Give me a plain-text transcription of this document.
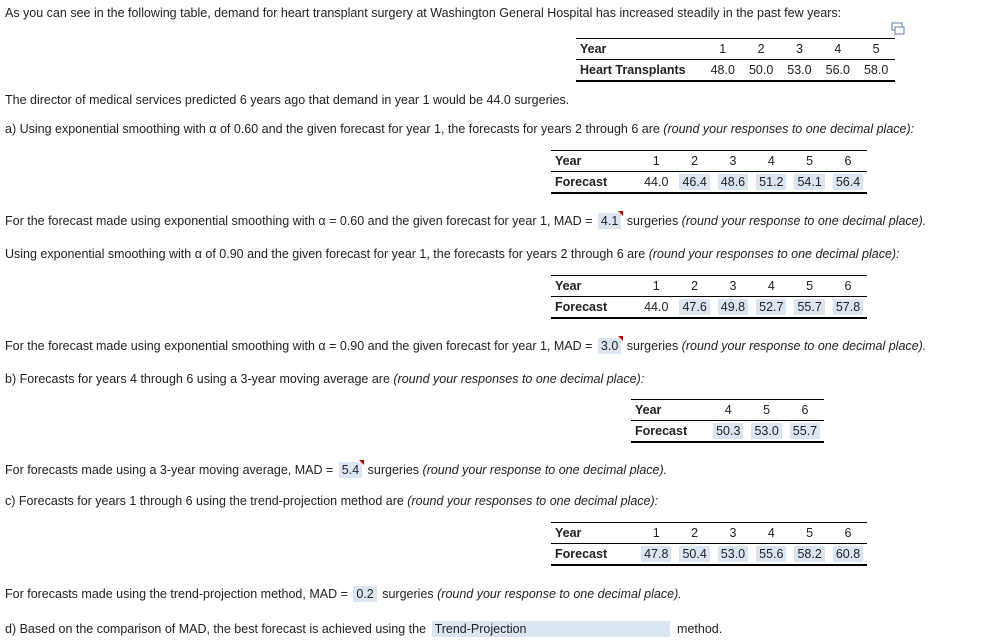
As you can see in the following table, demand for heart transplant surgery at Washington General Hospital has increased steadily in the past few years:
Year	1	2	3	4	5
Heart Transplants	48.0	50.0	53.0	56.0	58.0
The director of medical services predicted 6 years ago that demand in year 1 would be 44.0 surgeries.
a) Using exponential smoothing with α of 0.60 and the given forecast for year 1, the forecasts for years 2 through 6 are (round your responses to one decimal place):
Year	1	2	3	4	5	6
Forecast	44.0	46.4	48.6	51.2	54.1	56.4
For the forecast made using exponential smoothing with α = 0.60 and the given forecast for year 1, MAD = 4.1 surgeries (round your response to one decimal place).
Using exponential smoothing with α of 0.90 and the given forecast for year 1, the forecasts for years 2 through 6 are (round your responses to one decimal place):
Year	1	2	3	4	5	6
Forecast	44.0	47.6	49.8	52.7	55.7	57.8
For the forecast made using exponential smoothing with α = 0.90 and the given forecast for year 1, MAD = 3.0 surgeries (round your response to one decimal place).
b) Forecasts for years 4 through 6 using a 3-year moving average are (round your responses to one decimal place):
Year	4	5	6
Forecast	50.3	53.0	55.7
For forecasts made using a 3-year moving average, MAD = 5.4 surgeries (round your response to one decimal place).
c) Forecasts for years 1 through 6 using the trend-projection method are (round your responses to one decimal place):
Year	1	2	3	4	5	6
Forecast	47.8	50.4	53.0	55.6	58.2	60.8
For forecasts made using the trend-projection method, MAD = 0.2 surgeries (round your response to one decimal place).
d) Based on the comparison of MAD, the best forecast is achieved using the Trend-Projection	method.
